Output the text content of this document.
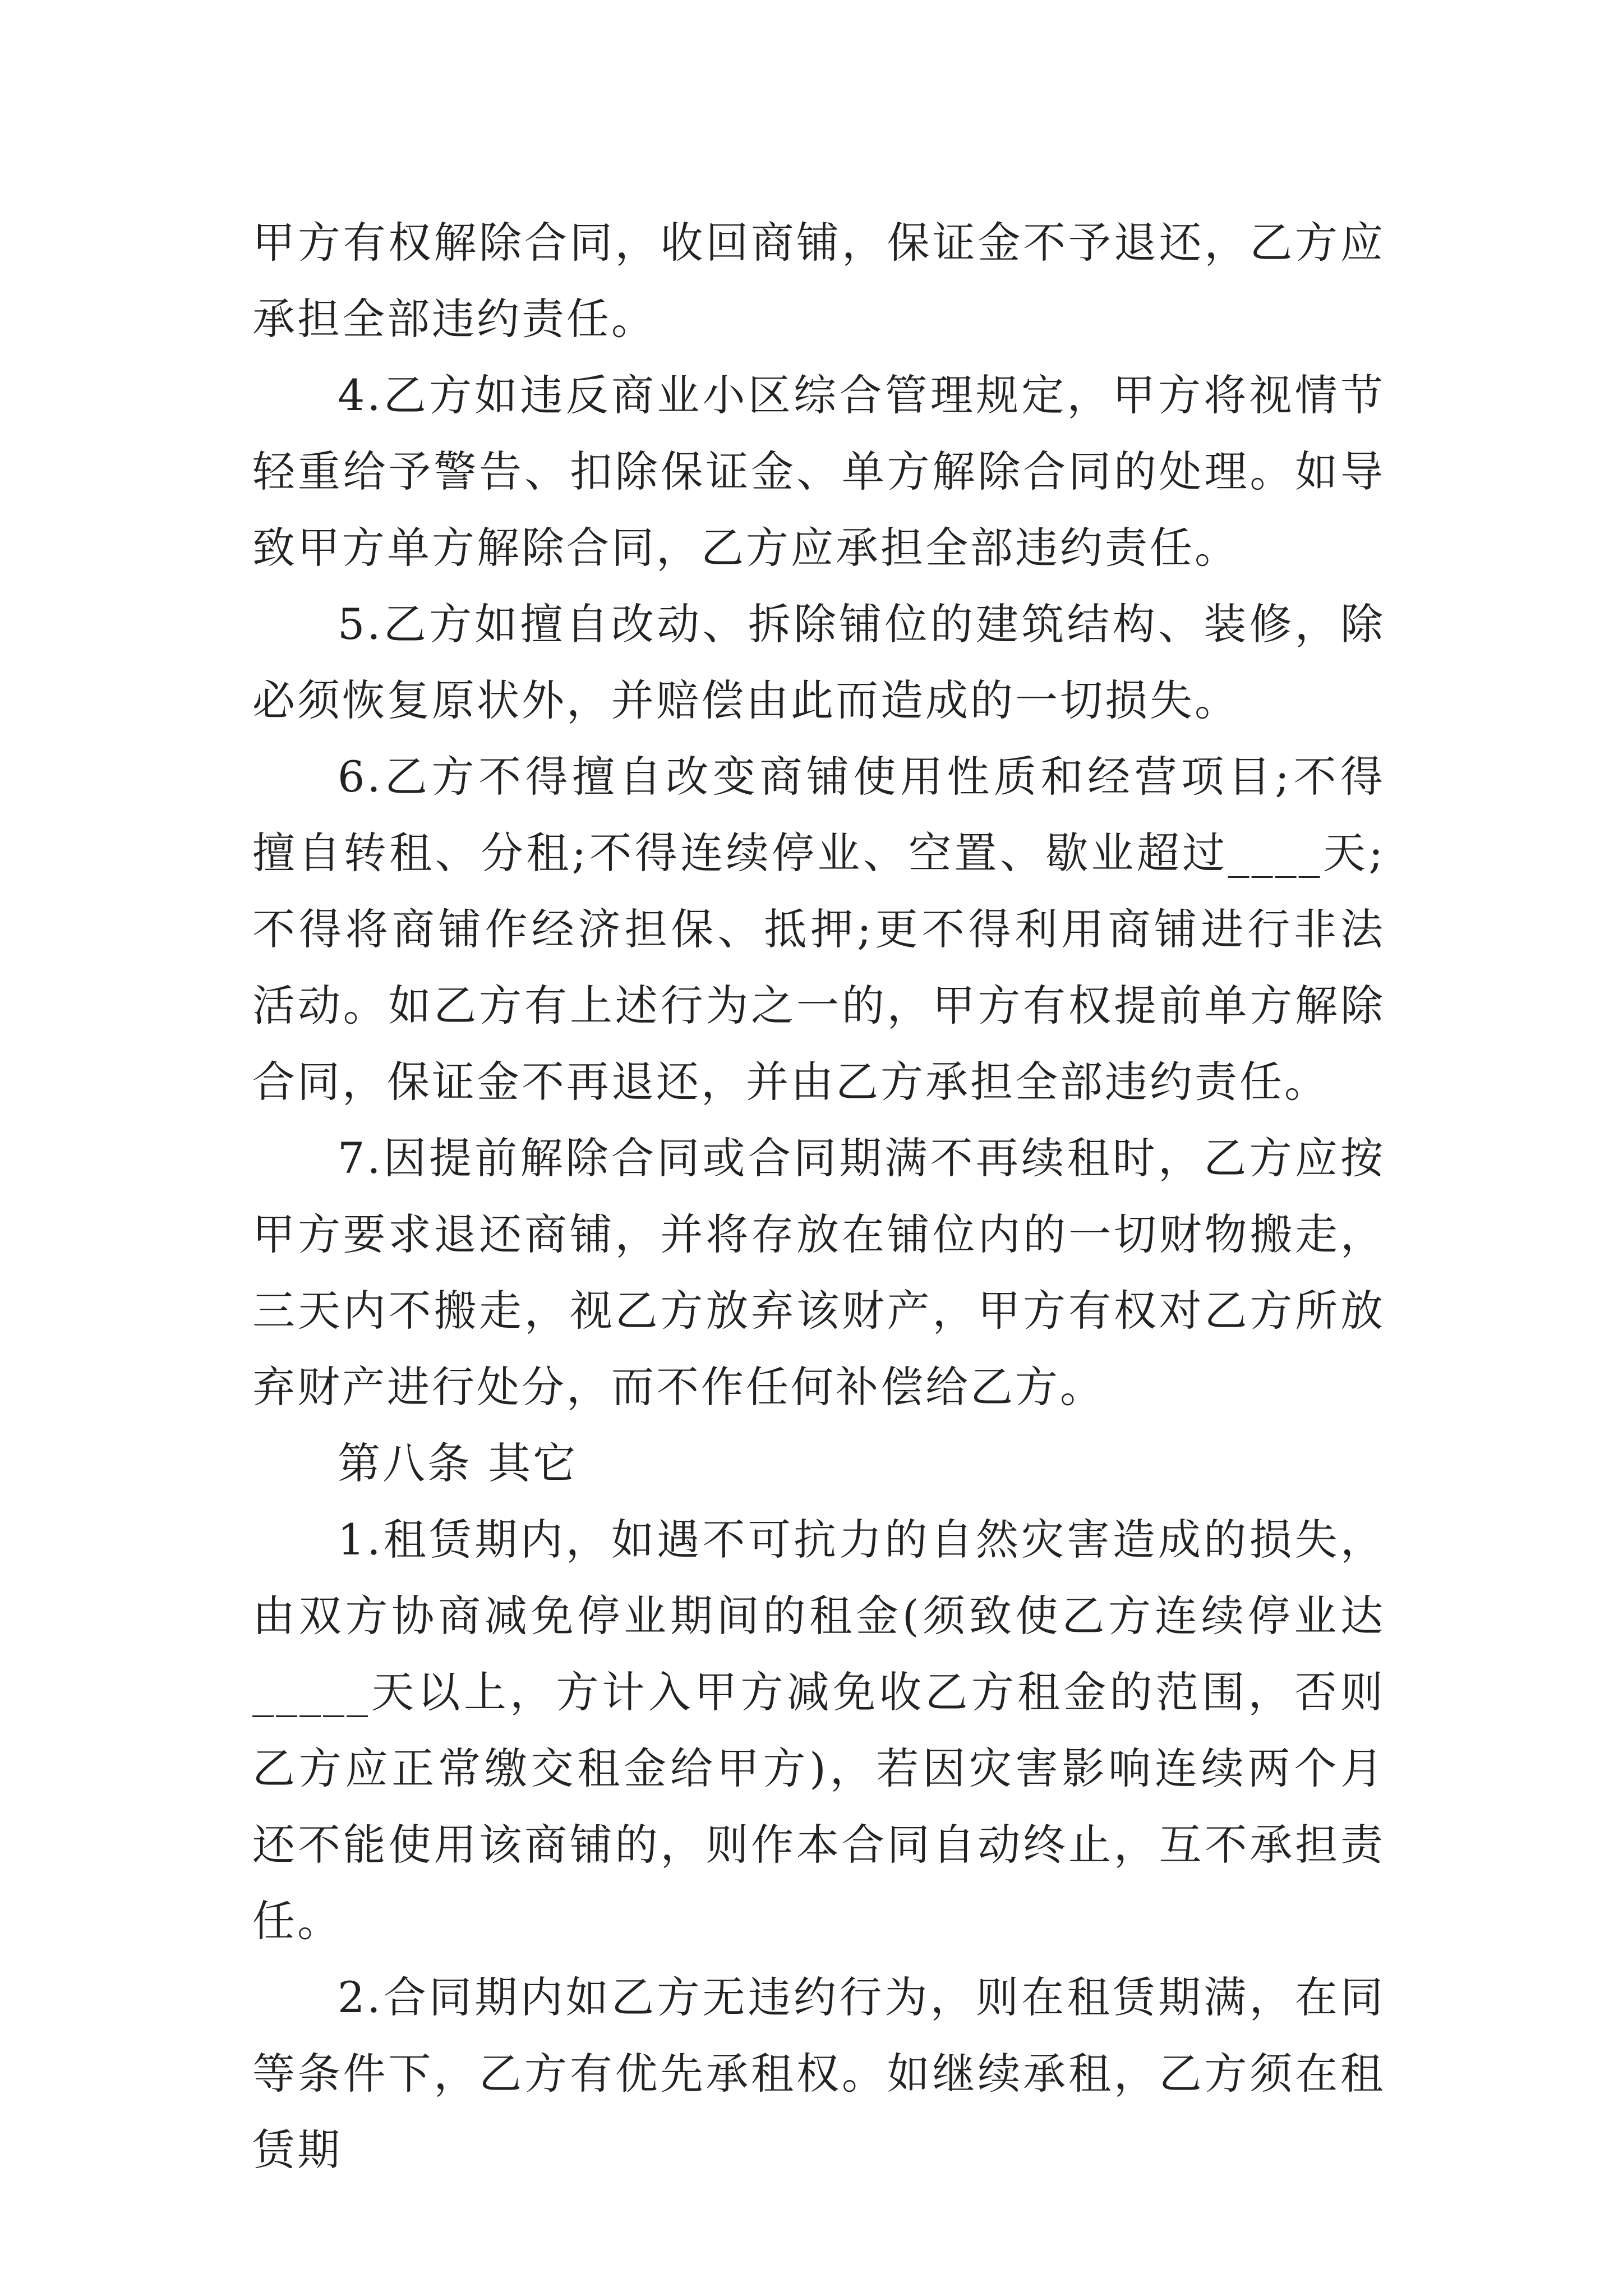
甲方有权解除合同，收回商铺，保证金不予退还，乙方应承担全部违约责任。

4.乙方如违反商业小区综合管理规定，甲方将视情节轻重给予警告、扣除保证金、单方解除合同的处理。如导致甲方单方解除合同，乙方应承担全部违约责任。

5.乙方如擅自改动、拆除铺位的建筑结构、装修，除必须恢复原状外，并赔偿由此而造成的一切损失。

6.乙方不得擅自改变商铺使用性质和经营项目;不得擅自转租、分租;不得连续停业、空置、歇业超过____天;不得将商铺作经济担保、抵押;更不得利用商铺进行非法活动。如乙方有上述行为之一的，甲方有权提前单方解除合同，保证金不再退还，并由乙方承担全部违约责任。

7.因提前解除合同或合同期满不再续租时，乙方应按甲方要求退还商铺，并将存放在铺位内的一切财物搬走，三天内不搬走，视乙方放弃该财产，甲方有权对乙方所放弃财产进行处分，而不作任何补偿给乙方。

第八条 其它

1.租赁期内，如遇不可抗力的自然灾害造成的损失，由双方协商减免停业期间的租金(须致使乙方连续停业达_____天以上，方计入甲方减免收乙方租金的范围，否则乙方应正常缴交租金给甲方)，若因灾害影响连续两个月还不能使用该商铺的，则作本合同自动终止，互不承担责任。

2.合同期内如乙方无违约行为，则在租赁期满，在同等条件下，乙方有优先承租权。如继续承租，乙方须在租赁期
